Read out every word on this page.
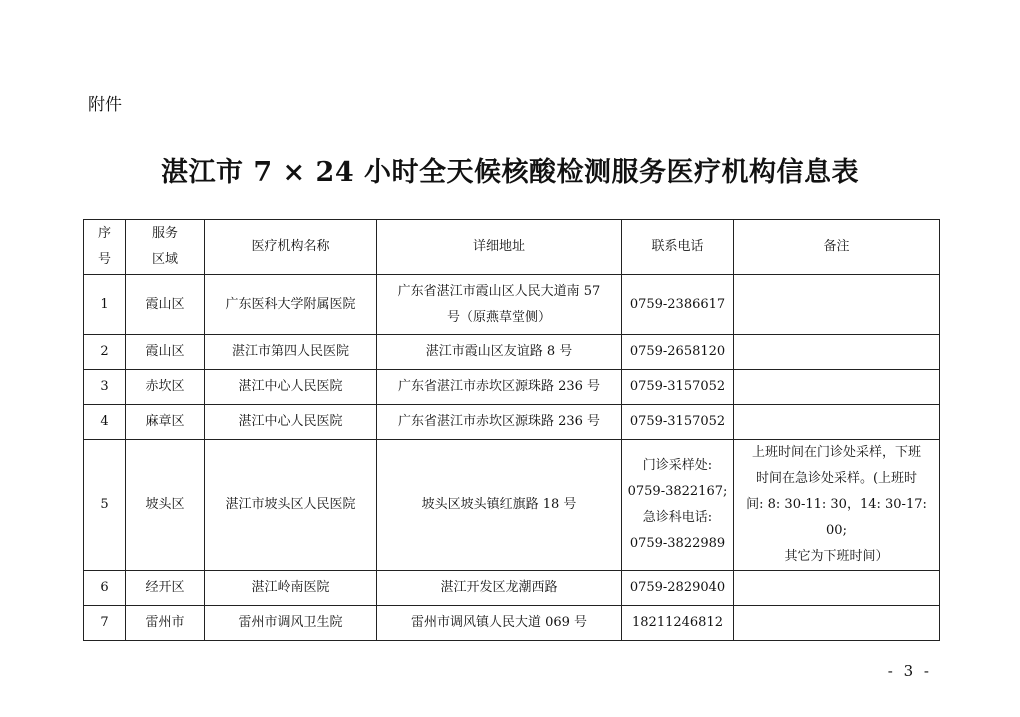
附件
湛江市 7 × 24 小时全天候核酸检测服务医疗机构信息表
序
号	服务
区域	医疗机构名称	详细地址	联系电话	备注
1	霞山区	广东医科大学附属医院	广东省湛江市霞山区人民大道南 57
号（原燕草堂侧）	0759-2386617	

2	霞山区	湛江市第四人民医院	湛江市霞山区友谊路 8 号	0759-2658120	

3	赤坎区	湛江中心人民医院	广东省湛江市赤坎区源珠路 236 号	0759-3157052	

4	麻章区	湛江中心人民医院	广东省湛江市赤坎区源珠路 236 号	0759-3157052	

5	坡头区	湛江市坡头区人民医院	坡头区坡头镇红旗路 18 号	门诊采样处:
0759-3822167;
急诊科电话:
0759-3822989	上班时间在门诊处采样，下班
时间在急诊处采样。(上班时
间: 8: 30-11: 30，14: 30-17: 00;
其它为下班时间）

6	经开区	湛江岭南医院	湛江开发区龙潮西路	0759-2829040	

7	雷州市	雷州市调风卫生院	雷州市调风镇人民大道 069 号	18211246812	

- 3 -
